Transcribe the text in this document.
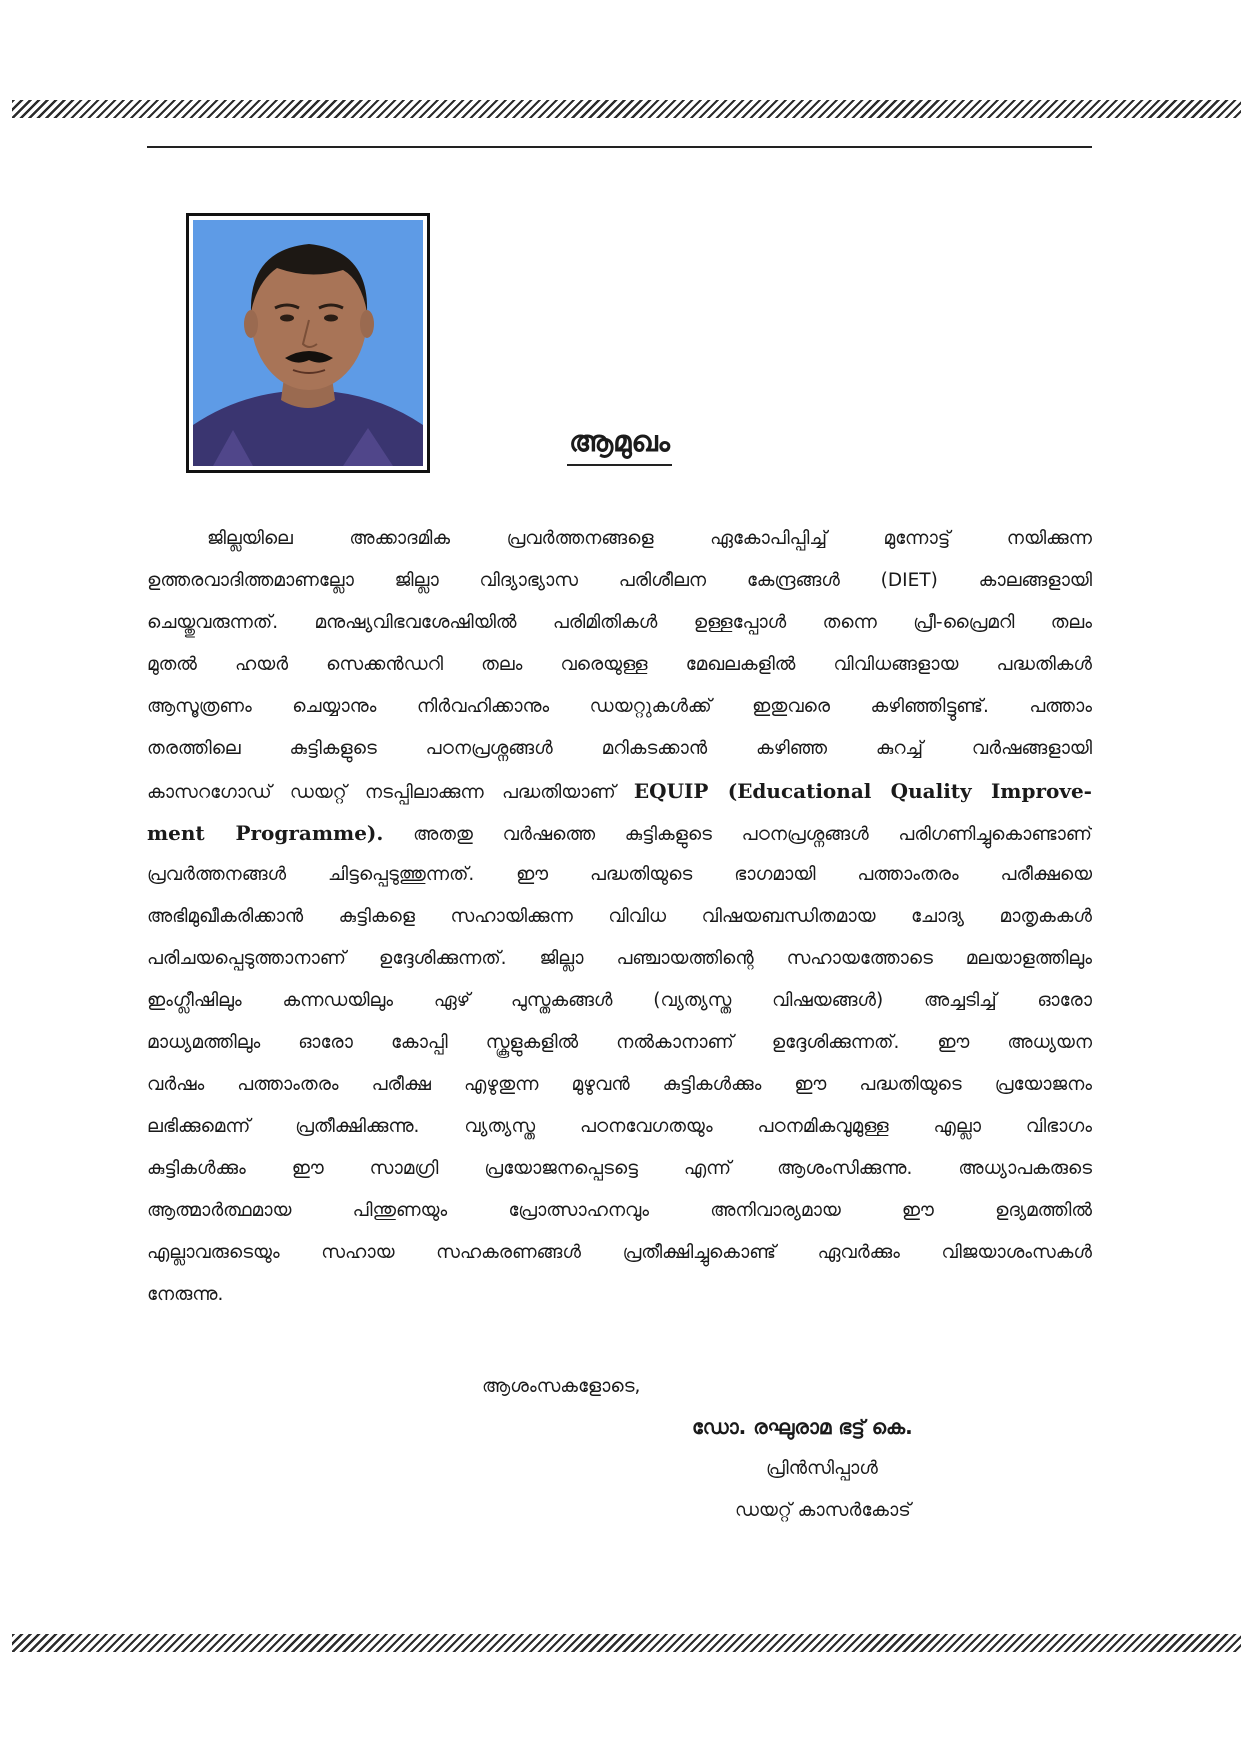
ആമുഖം
ജില്ലയിലെ അക്കാദമിക പ്രവർത്തനങ്ങളെ ഏകോപിപ്പിച്ച് മുന്നോട്ട് നയിക്കുന്ന
ഉത്തരവാദിത്തമാണല്ലോ ജില്ലാ വിദ്യാഭ്യാസ പരിശീലന കേന്ദ്രങ്ങൾ (DIET) കാലങ്ങളായി
ചെയ്തുവരുന്നത്. മനുഷ്യവിഭവശേഷിയിൽ പരിമിതികൾ ഉള്ളപ്പോൾ തന്നെ പ്രീ-പ്രൈമറി തലം
മുതൽ ഹയർ സെക്കൻഡറി തലം വരെയുള്ള മേഖലകളിൽ വിവിധങ്ങളായ പദ്ധതികൾ
ആസൂത്രണം ചെയ്യാനും നിർവഹിക്കാനും ഡയറ്റുകൾക്ക് ഇതുവരെ കഴിഞ്ഞിട്ടുണ്ട്. പത്താം
തരത്തിലെ കുട്ടികളുടെ പഠനപ്രശ്നങ്ങൾ മറികടക്കാൻ കഴിഞ്ഞ കുറച്ച് വർഷങ്ങളായി
കാസറഗോഡ് ഡയറ്റ് നടപ്പിലാക്കുന്ന പദ്ധതിയാണ് EQUIP (Educational Quality Improve-
ment Programme). അതതു വർഷത്തെ കുട്ടികളുടെ പഠനപ്രശ്നങ്ങൾ പരിഗണിച്ചുകൊണ്ടാണ്
പ്രവർത്തനങ്ങൾ ചിട്ടപ്പെടുത്തുന്നത്. ഈ പദ്ധതിയുടെ ഭാഗമായി പത്താംതരം പരീക്ഷയെ
അഭിമുഖീകരിക്കാൻ കുട്ടികളെ സഹായിക്കുന്ന വിവിധ വിഷയബന്ധിതമായ ചോദ്യ മാതൃകകൾ
പരിചയപ്പെടുത്താനാണ് ഉദ്ദേശിക്കുന്നത്. ജില്ലാ പഞ്ചായത്തിന്റെ സഹായത്തോടെ മലയാളത്തിലും
ഇംഗ്ലീഷിലും കന്നഡയിലും ഏഴ് പുസ്തകങ്ങൾ (വ്യത്യസ്ത വിഷയങ്ങൾ) അച്ചടിച്ച് ഓരോ
മാധ്യമത്തിലും ഓരോ കോപ്പി സ്കൂളുകളിൽ നൽകാനാണ് ഉദ്ദേശിക്കുന്നത്. ഈ അധ്യയന
വർഷം പത്താംതരം പരീക്ഷ എഴുതുന്ന മുഴുവൻ കുട്ടികൾക്കും ഈ പദ്ധതിയുടെ പ്രയോജനം
ലഭിക്കുമെന്ന് പ്രതീക്ഷിക്കുന്നു. വ്യത്യസ്ത പഠനവേഗതയും പഠനമികവുമുള്ള എല്ലാ വിഭാഗം
കുട്ടികൾക്കും ഈ സാമഗ്രി പ്രയോജനപ്പെടട്ടെ എന്ന് ആശംസിക്കുന്നു. അധ്യാപകരുടെ
ആത്മാർത്ഥമായ പിന്തുണയും പ്രോത്സാഹനവും അനിവാര്യമായ ഈ ഉദ്യമത്തിൽ
എല്ലാവരുടെയും സഹായ സഹകരണങ്ങൾ പ്രതീക്ഷിച്ചുകൊണ്ട് ഏവർക്കും വിജയാശംസകൾ
നേരുന്നു.
ആശംസകളോടെ,
ഡോ. രഘുരാമ ഭട്ട് കെ.
പ്രിൻസിപ്പാൾ
ഡയറ്റ് കാസർകോട്
